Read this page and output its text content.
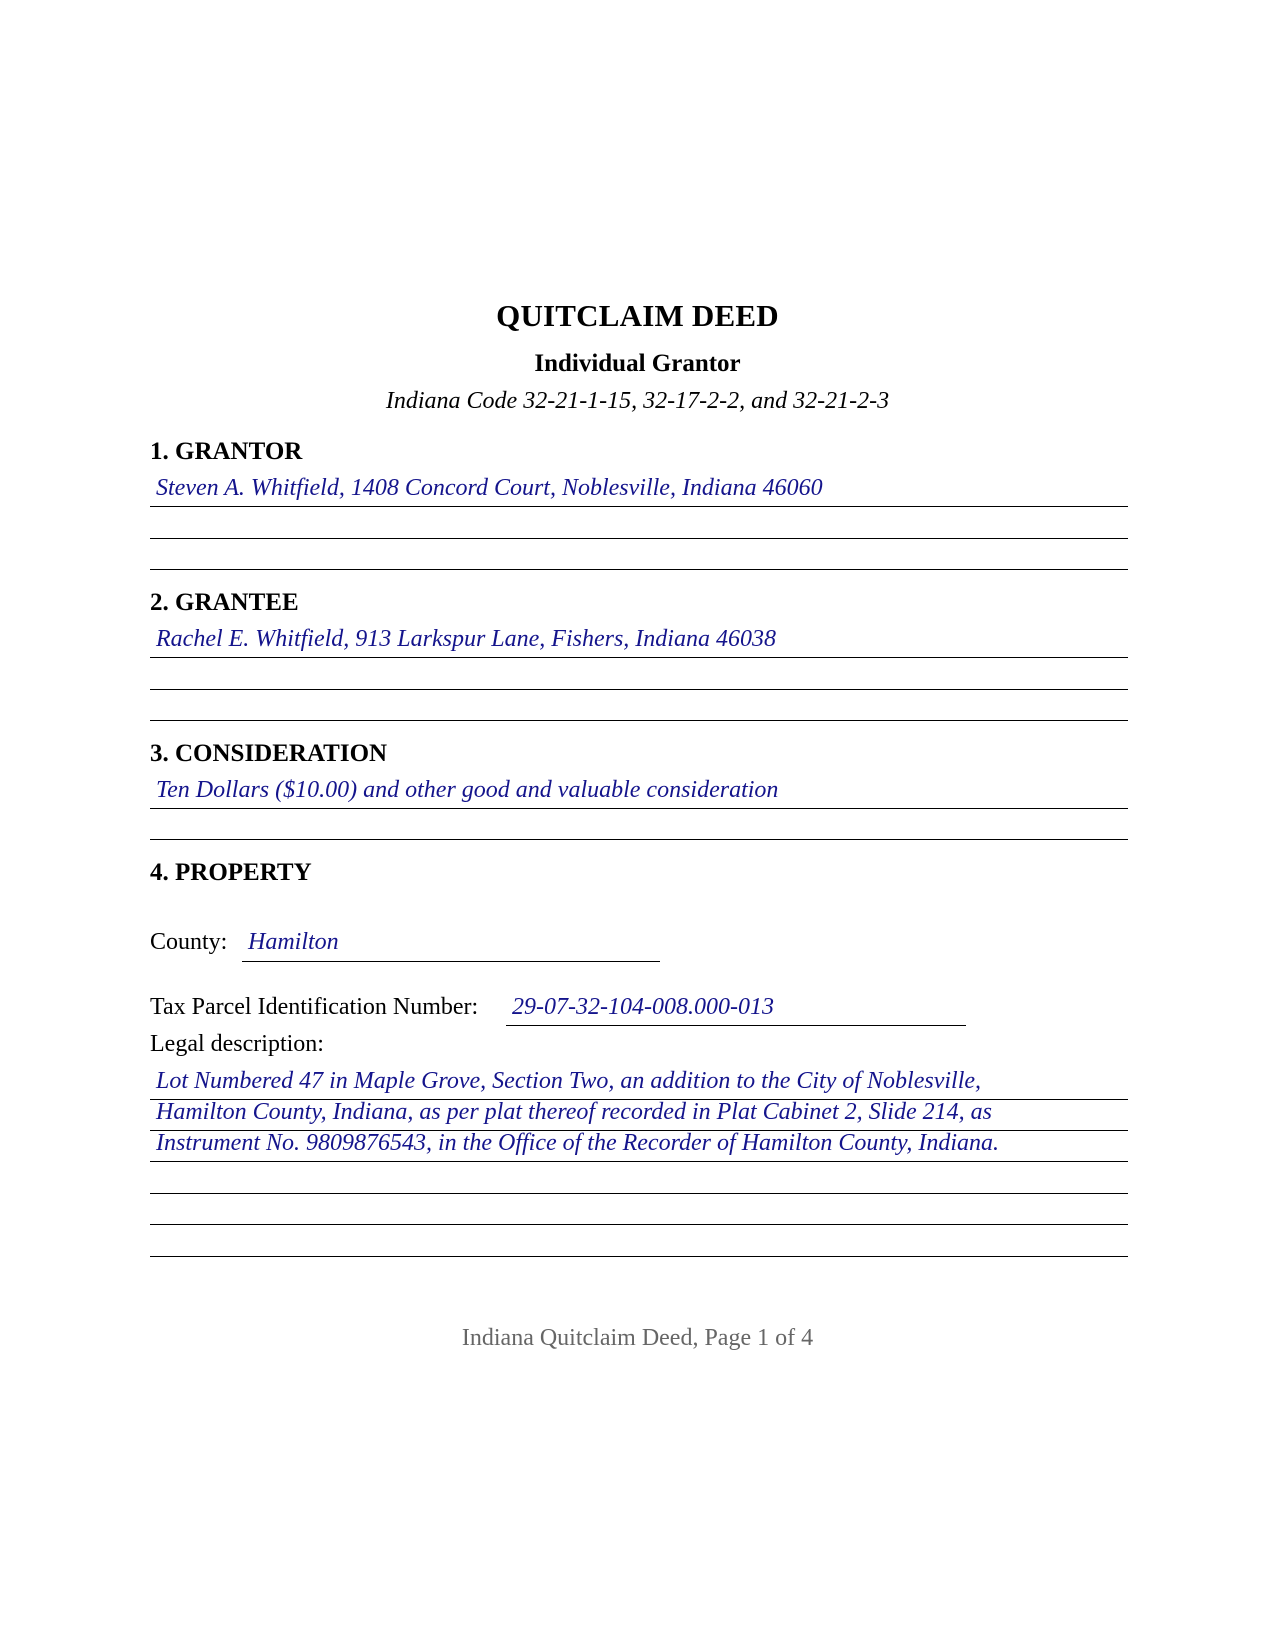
QUITCLAIM DEED
Individual Grantor
Indiana Code 32-21-1-15, 32-17-2-2, and 32-21-2-3
1. GRANTOR
Steven A. Whitfield, 1408 Concord Court, Noblesville, Indiana 46060
2. GRANTEE
Rachel E. Whitfield, 913 Larkspur Lane, Fishers, Indiana 46038
3. CONSIDERATION
Ten Dollars ($10.00) and other good and valuable consideration
4. PROPERTY
County: Hamilton
Tax Parcel Identification Number: 29-07-32-104-008.000-013
Legal description:
Lot Numbered 47 in Maple Grove, Section Two, an addition to the City of Noblesville,
Hamilton County, Indiana, as per plat thereof recorded in Plat Cabinet 2, Slide 214, as
Instrument No. 9809876543, in the Office of the Recorder of Hamilton County, Indiana.
Indiana Quitclaim Deed, Page 1 of 4
